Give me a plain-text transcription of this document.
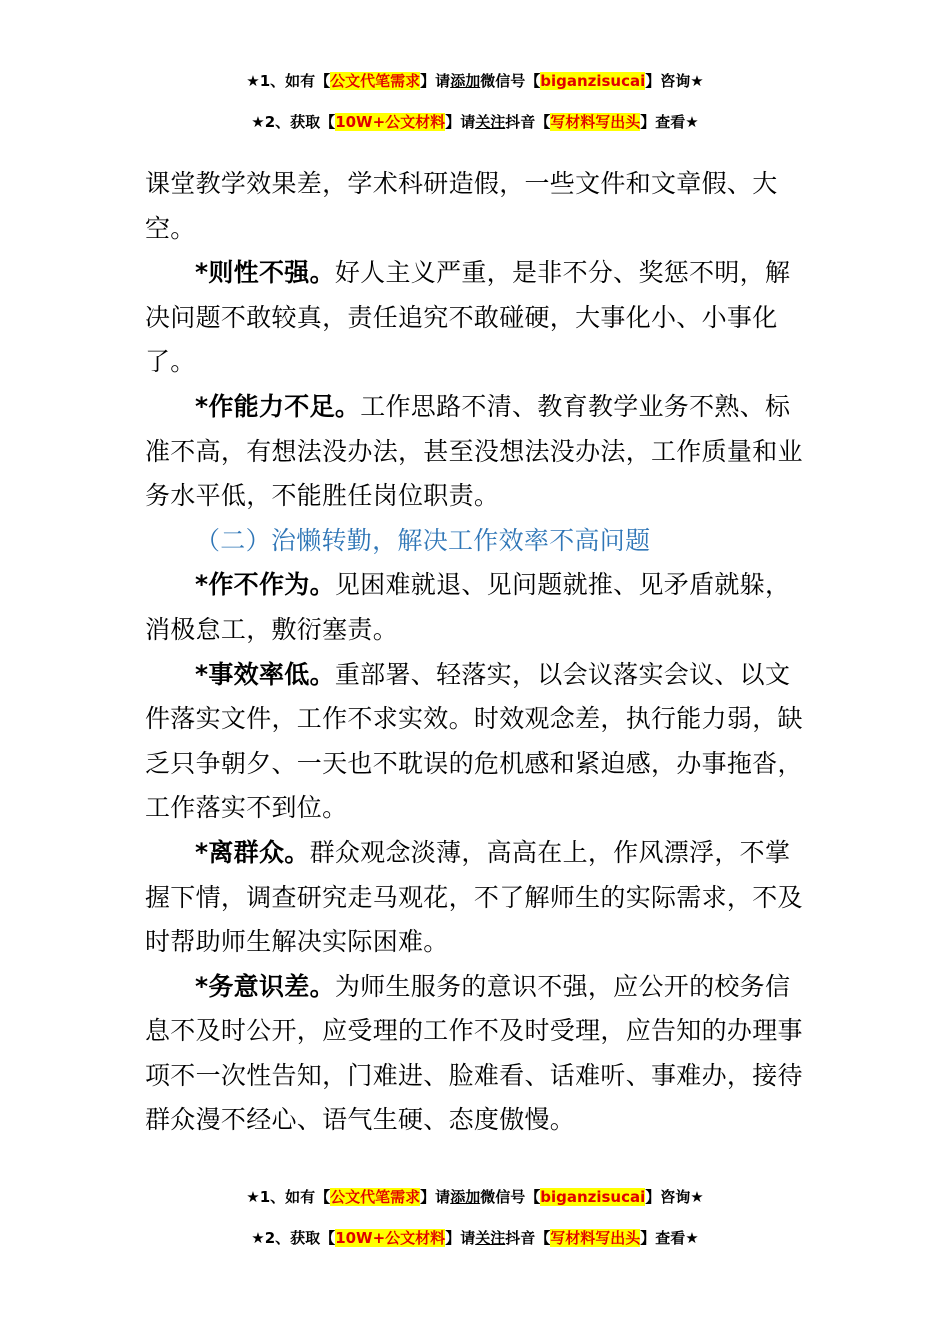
★1、如有【公文代笔需求】请添加微信号【biganzisucai】咨询★
★2、获取【10W+公文材料】请关注抖音【写材料写出头】查看★

课堂教学效果差，学术科研造假，一些文件和文章假、大空。

*则性不强。好人主义严重，是非不分、奖惩不明，解决问题不敢较真，责任追究不敢碰硬，大事化小、小事化了。

*作能力不足。工作思路不清、教育教学业务不熟、标准不高，有想法没办法，甚至没想法没办法，工作质量和业务水平低，不能胜任岗位职责。

（二）治懒转勤，解决工作效率不高问题

*作不作为。见困难就退、见问题就推、见矛盾就躲，消极怠工，敷衍塞责。

*事效率低。重部署、轻落实，以会议落实会议、以文件落实文件，工作不求实效。时效观念差，执行能力弱，缺乏只争朝夕、一天也不耽误的危机感和紧迫感，办事拖沓，工作落实不到位。

*离群众。群众观念淡薄，高高在上，作风漂浮，不掌握下情，调查研究走马观花，不了解师生的实际需求，不及时帮助师生解决实际困难。

*务意识差。为师生服务的意识不强，应公开的校务信息不及时公开，应受理的工作不及时受理，应告知的办理事项不一次性告知，门难进、脸难看、话难听、事难办，接待群众漫不经心、语气生硬、态度傲慢。

★1、如有【公文代笔需求】请添加微信号【biganzisucai】咨询★
★2、获取【10W+公文材料】请关注抖音【写材料写出头】查看★
